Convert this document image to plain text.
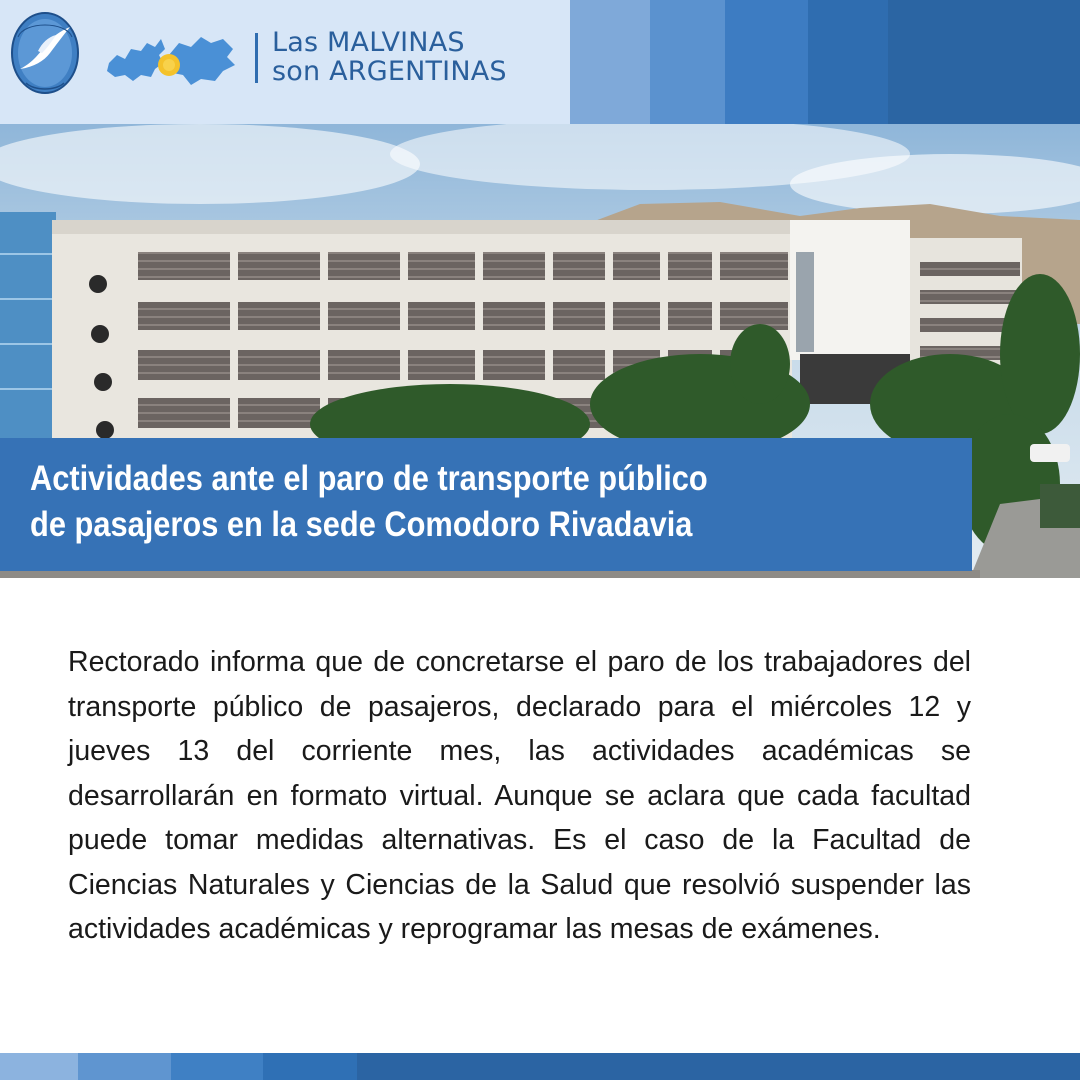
Las MALVINAS
son ARGENTINAS
Actividades ante el paro de transporte público
de pasajeros en la sede Comodoro Rivadavia
Rectorado informa que de concretarse el paro de los trabajadores del transporte público de pasajeros, declarado para el miércoles 12 y jueves 13 del corriente mes, las actividades académicas se desarrollarán en formato virtual. Aunque se aclara que cada facultad puede tomar medidas alternativas. Es el caso de la Facultad de Ciencias Naturales y Ciencias de la Salud que resolvió suspender las actividades académicas y reprogramar las mesas de exámenes.
